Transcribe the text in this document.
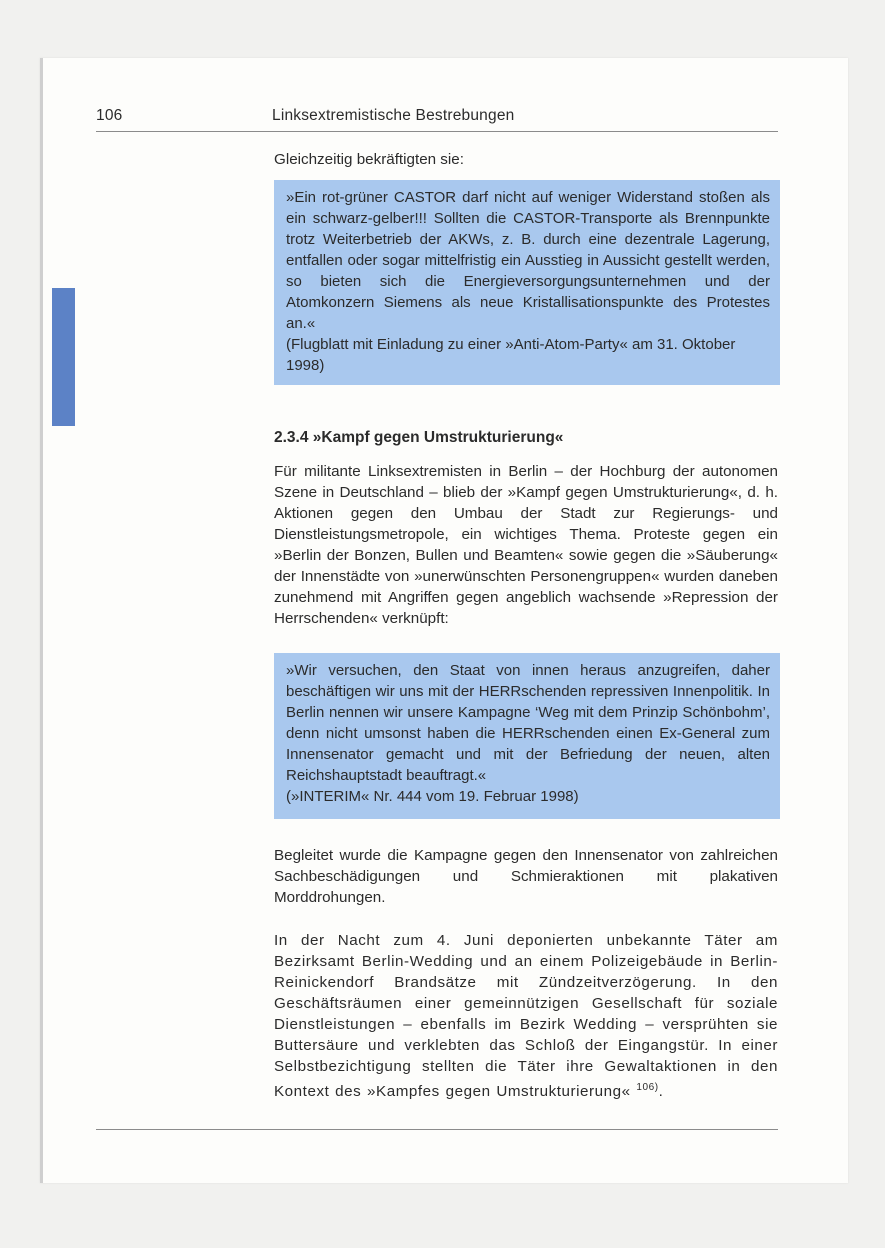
106	Linksextremistische Bestrebungen

Gleichzeitig bekräftigten sie:

»Ein rot-grüner CASTOR darf nicht auf weniger Widerstand stoßen als ein schwarz-gelber!!! Sollten die CASTOR-Transporte als Brennpunkte trotz Weiterbetrieb der AKWs, z. B. durch eine dezentrale Lagerung, entfallen oder sogar mittelfristig ein Ausstieg in Aussicht gestellt werden, so bieten sich die Energieversorgungsunternehmen und der Atomkonzern Siemens als neue Kristallisationspunkte des Protestes an.«

(Flugblatt mit Einladung zu einer »Anti-Atom-Party« am 31. Oktober 1998)

2.3.4 »Kampf gegen Umstrukturierung«

Für militante Linksextremisten in Berlin – der Hochburg der autonomen Szene in Deutschland – blieb der »Kampf gegen Umstrukturierung«, d. h. Aktionen gegen den Umbau der Stadt zur Regierungs- und Dienstleistungsmetropole, ein wichtiges Thema. Proteste gegen ein »Berlin der Bonzen, Bullen und Beamten« sowie gegen die »Säuberung« der Innenstädte von »unerwünschten Personengruppen« wurden daneben zunehmend mit Angriffen gegen angeblich wachsende »Repression der Herrschenden« verknüpft:

»Wir versuchen, den Staat von innen heraus anzugreifen, daher beschäftigen wir uns mit der HERRschenden repressiven Innenpolitik. In Berlin nennen wir unsere Kampagne ‘Weg mit dem Prinzip Schönbohm’, denn nicht umsonst haben die HERRschenden einen Ex-General zum Innensenator gemacht und mit der Befriedung der neuen, alten Reichshauptstadt beauftragt.«

(»INTERIM« Nr. 444 vom 19. Februar 1998)

Begleitet wurde die Kampagne gegen den Innensenator von zahlreichen Sachbeschädigungen und Schmieraktionen mit plakativen Morddrohungen.

In der Nacht zum 4. Juni deponierten unbekannte Täter am Bezirksamt Berlin-Wedding und an einem Polizeigebäude in Berlin-Reinickendorf Brandsätze mit Zündzeitverzögerung. In den Geschäftsräumen einer gemeinnützigen Gesellschaft für soziale Dienstleistungen – ebenfalls im Bezirk Wedding – versprühten sie Buttersäure und verklebten das Schloß der Eingangstür. In einer Selbstbezichtigung stellten die Täter ihre Gewaltaktionen in den Kontext des »Kampfes gegen Umstrukturierung« $^{106)}$.
